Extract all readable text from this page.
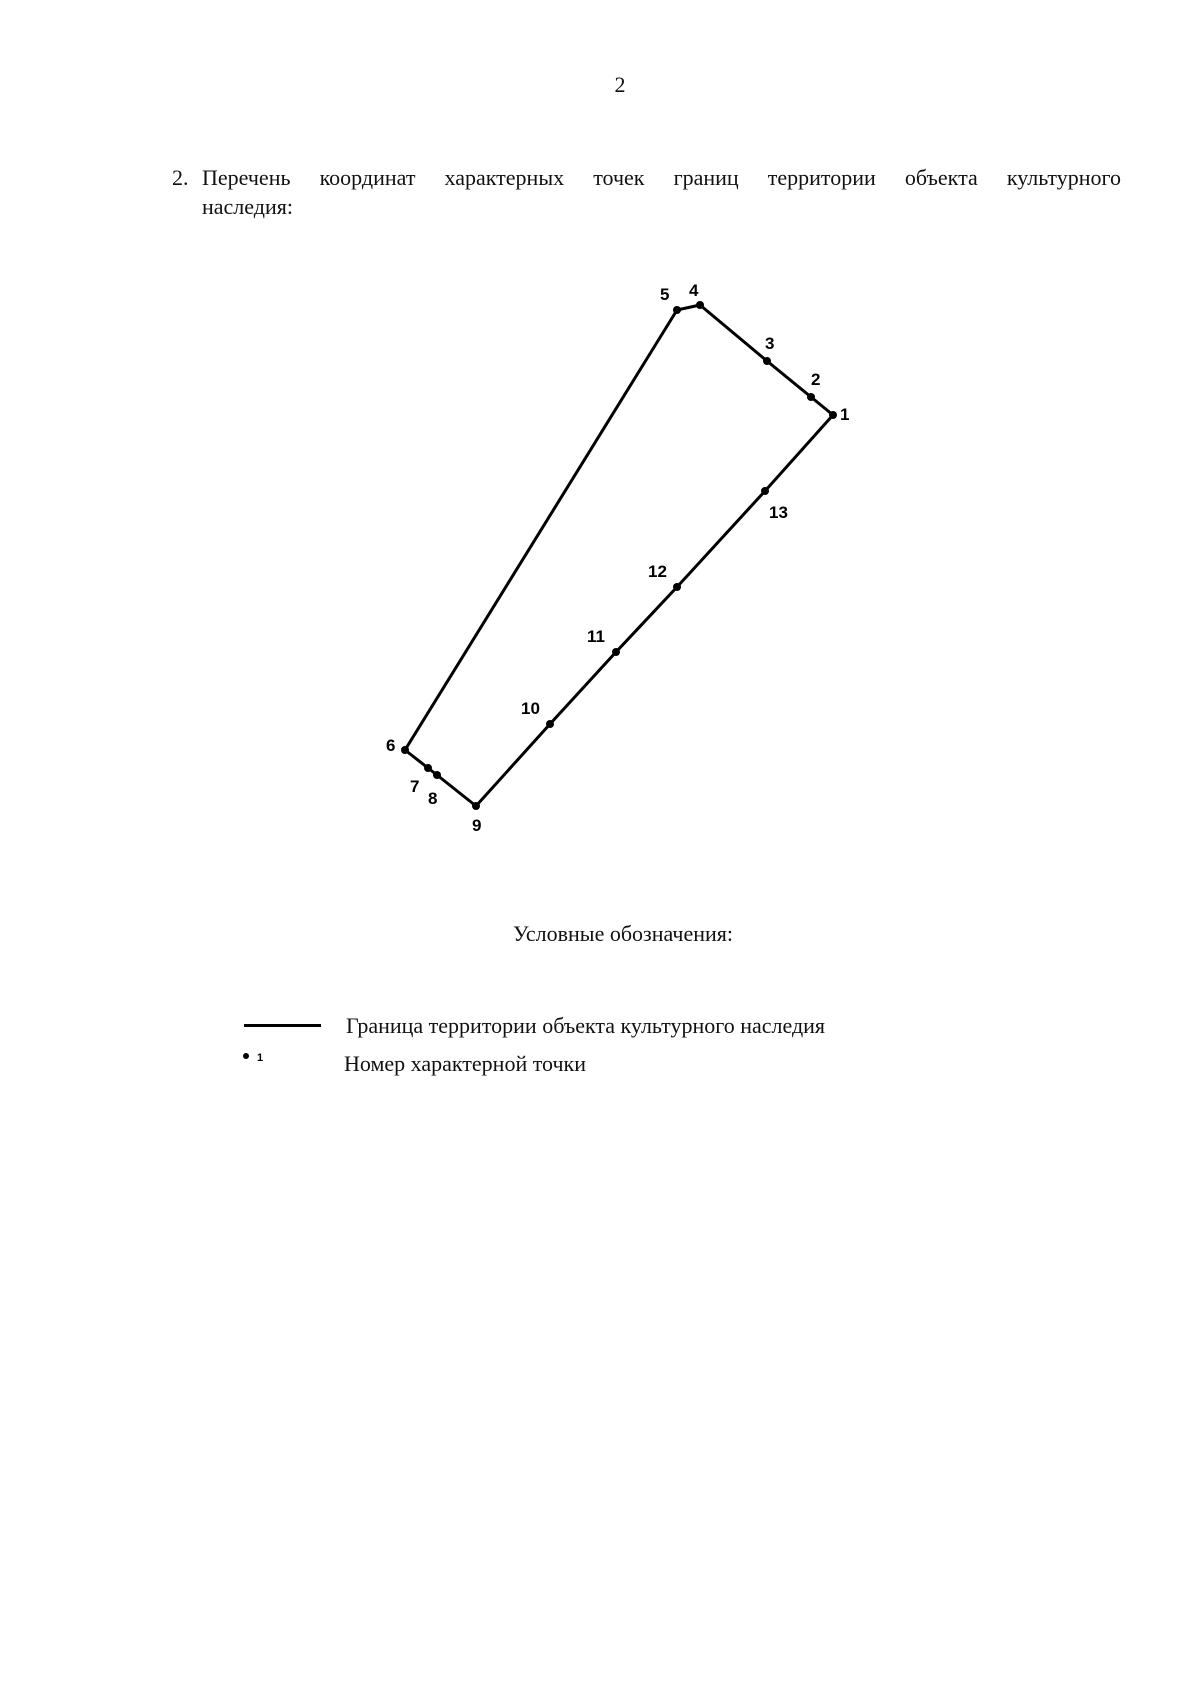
2
2. Перечень координат характерных точек границ территории объекта культурного
наследия:
1
2
3
4
5
6
7
8
9
10
11
12
13
Условные обозначения:
Граница территории объекта культурного наследия
1	Номер характерной точки
